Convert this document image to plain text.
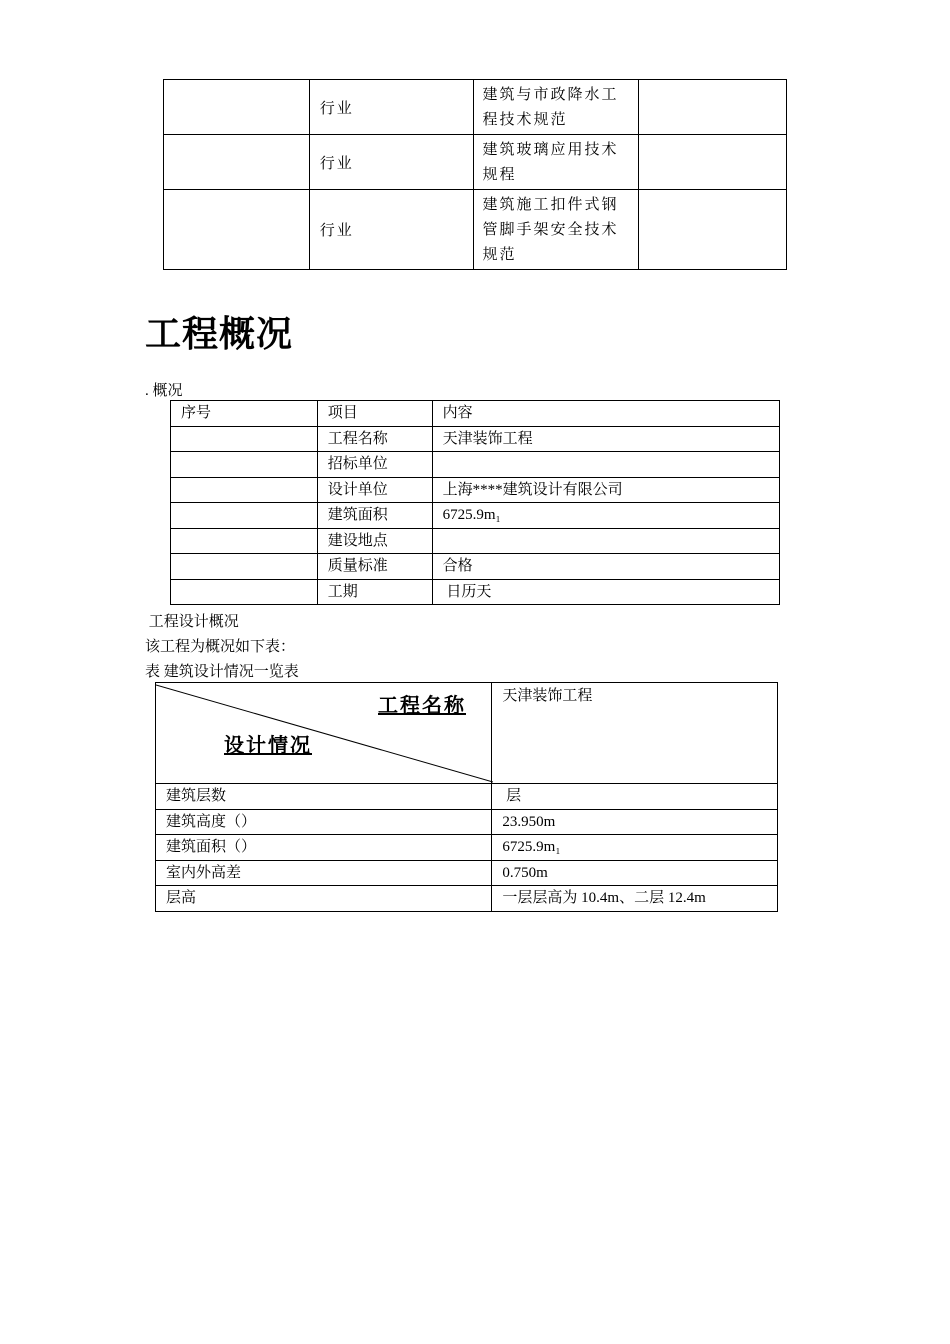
	行业	建筑与市政降水工程技术规范	
	行业	建筑玻璃应用技术规程	
	行业	建筑施工扣件式钢管脚手架安全技术规范	
工程概况
. 概况
序号	项目	内容
	工程名称	天津装饰工程
	招标单位	
	设计单位	上海****建筑设计有限公司
	建筑面积	6725.9m₁
	建设地点	
	质量标准	合格
	工期	日历天
工程设计概况
该工程为概况如下表：
表 建筑设计情况一览表
工程名称
设计情况	天津装饰工程
建筑层数	层
建筑高度（）	23.950m
建筑面积（）	6725.9m₁
室内外高差	0.750m
层高	一层层高为 10.4m、二层 12.4m
